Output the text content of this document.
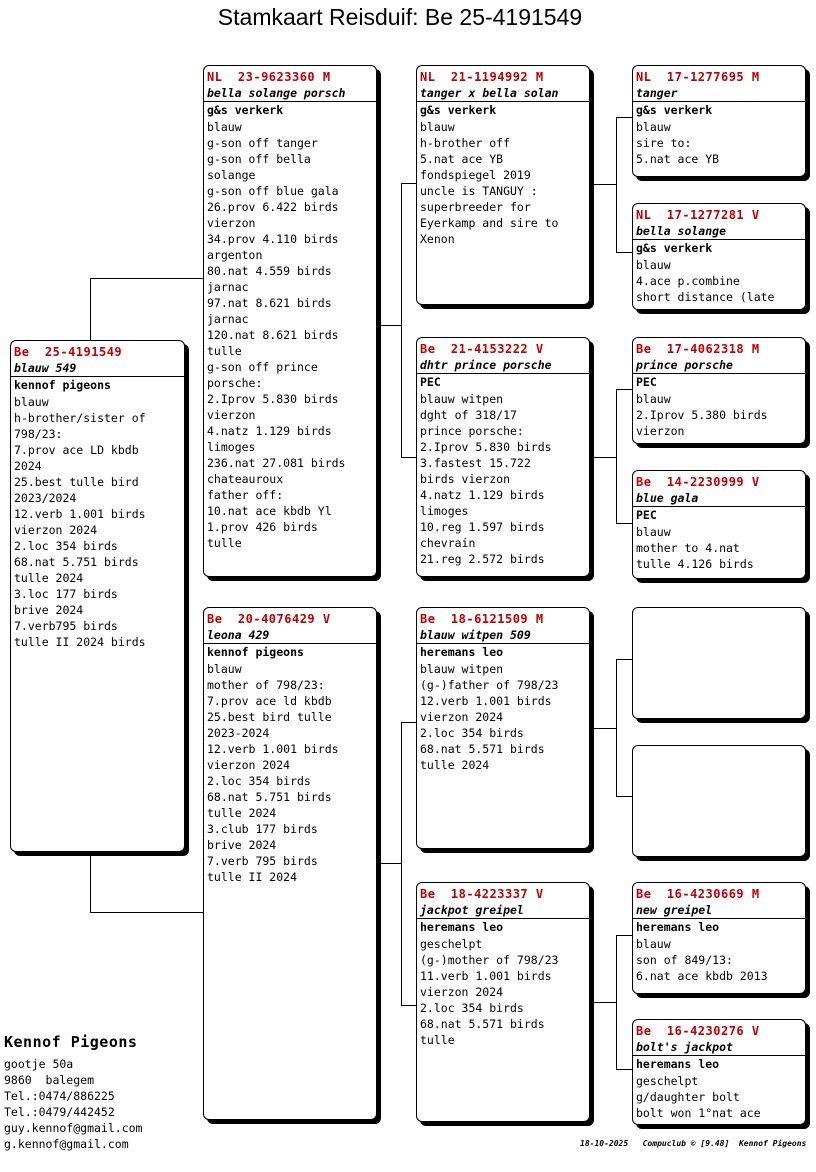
Stamkaart Reisduif: Be 25-4191549
Be  25-4191549
blauw 549
kennof pigeons
blauw
h-brother/sister of
798/23:
7.prov ace LD kbdb
2024
25.best tulle bird
2023/2024
12.verb 1.001 birds
vierzon 2024
2.loc 354 birds
68.nat 5.751 birds
tulle 2024
3.loc 177 birds
brive 2024
7.verb795 birds
tulle II 2024 birds
NL  23-9623360 M
bella solange porsch
g&s verkerk
blauw
g-son off tanger
g-son off bella
solange
g-son off blue gala
26.prov 6.422 birds
vierzon
34.prov 4.110 birds
argenton
80.nat 4.559 birds
jarnac
97.nat 8.621 birds
jarnac
120.nat 8.621 birds
tulle
g-son off prince
porsche:
2.Iprov 5.830 birds
vierzon
4.natz 1.129 birds
limoges
236.nat 27.081 birds
chateauroux
father off:
10.nat ace kbdb Yl
1.prov 426 birds
tulle
Be  20-4076429 V
leona 429
kennof pigeons
blauw
mother of 798/23:
7.prov ace ld kbdb
25.best bird tulle
2023-2024
12.verb 1.001 birds
vierzon 2024
2.loc 354 birds
68.nat 5.751 birds
tulle 2024
3.club 177 birds
brive 2024
7.verb 795 birds
tulle II 2024
NL  21-1194992 M
tanger x bella solan
g&s verkerk
blauw
h-brother off
5.nat ace YB
fondspiegel 2019
uncle is TANGUY :
superbreeder for
Eyerkamp and sire to
Xenon
Be  21-4153222 V
dhtr prince porsche
PEC
blauw witpen
dght of 318/17
prince porsche:
2.Iprov 5.830 birds
3.fastest 15.722
birds vierzon
4.natz 1.129 birds
limoges
10.reg 1.597 birds
chevrain
21.reg 2.572 birds
Be  18-6121509 M
blauw witpen 509
heremans leo
blauw witpen
(g-)father of 798/23
12.verb 1.001 birds
vierzon 2024
2.loc 354 birds
68.nat 5.571 birds
tulle 2024
Be  18-4223337 V
jackpot greipel
heremans leo
geschelpt
(g-)mother of 798/23
11.verb 1.001 birds
vierzon 2024
2.loc 354 birds
68.nat 5.571 birds
tulle
NL  17-1277695 M
tanger
g&s verkerk
blauw
sire to:
5.nat ace YB
NL  17-1277281 V
bella solange
g&s verkerk
blauw
4.ace p.combine
short distance (late
Be  17-4062318 M
prince porsche
PEC
blauw
2.Iprov 5.380 birds
vierzon
Be  14-2230999 V
blue gala
PEC
blauw
mother to 4.nat
tulle 4.126 birds
Be  16-4230669 M
new greipel
heremans leo
blauw
son of 849/13:
6.nat ace kbdb 2013
Be  16-4230276 V
bolt's jackpot
heremans leo
geschelpt
g/daughter bolt
bolt won 1°nat ace
Kennof Pigeons
gootje 50a
9860  balegem
Tel.:0474/886225
Tel.:0479/442452
guy.kennof@gmail.com
g.kennof@gmail.com	18-10-2025   Compuclub © [9.48]  Kennof Pigeons
